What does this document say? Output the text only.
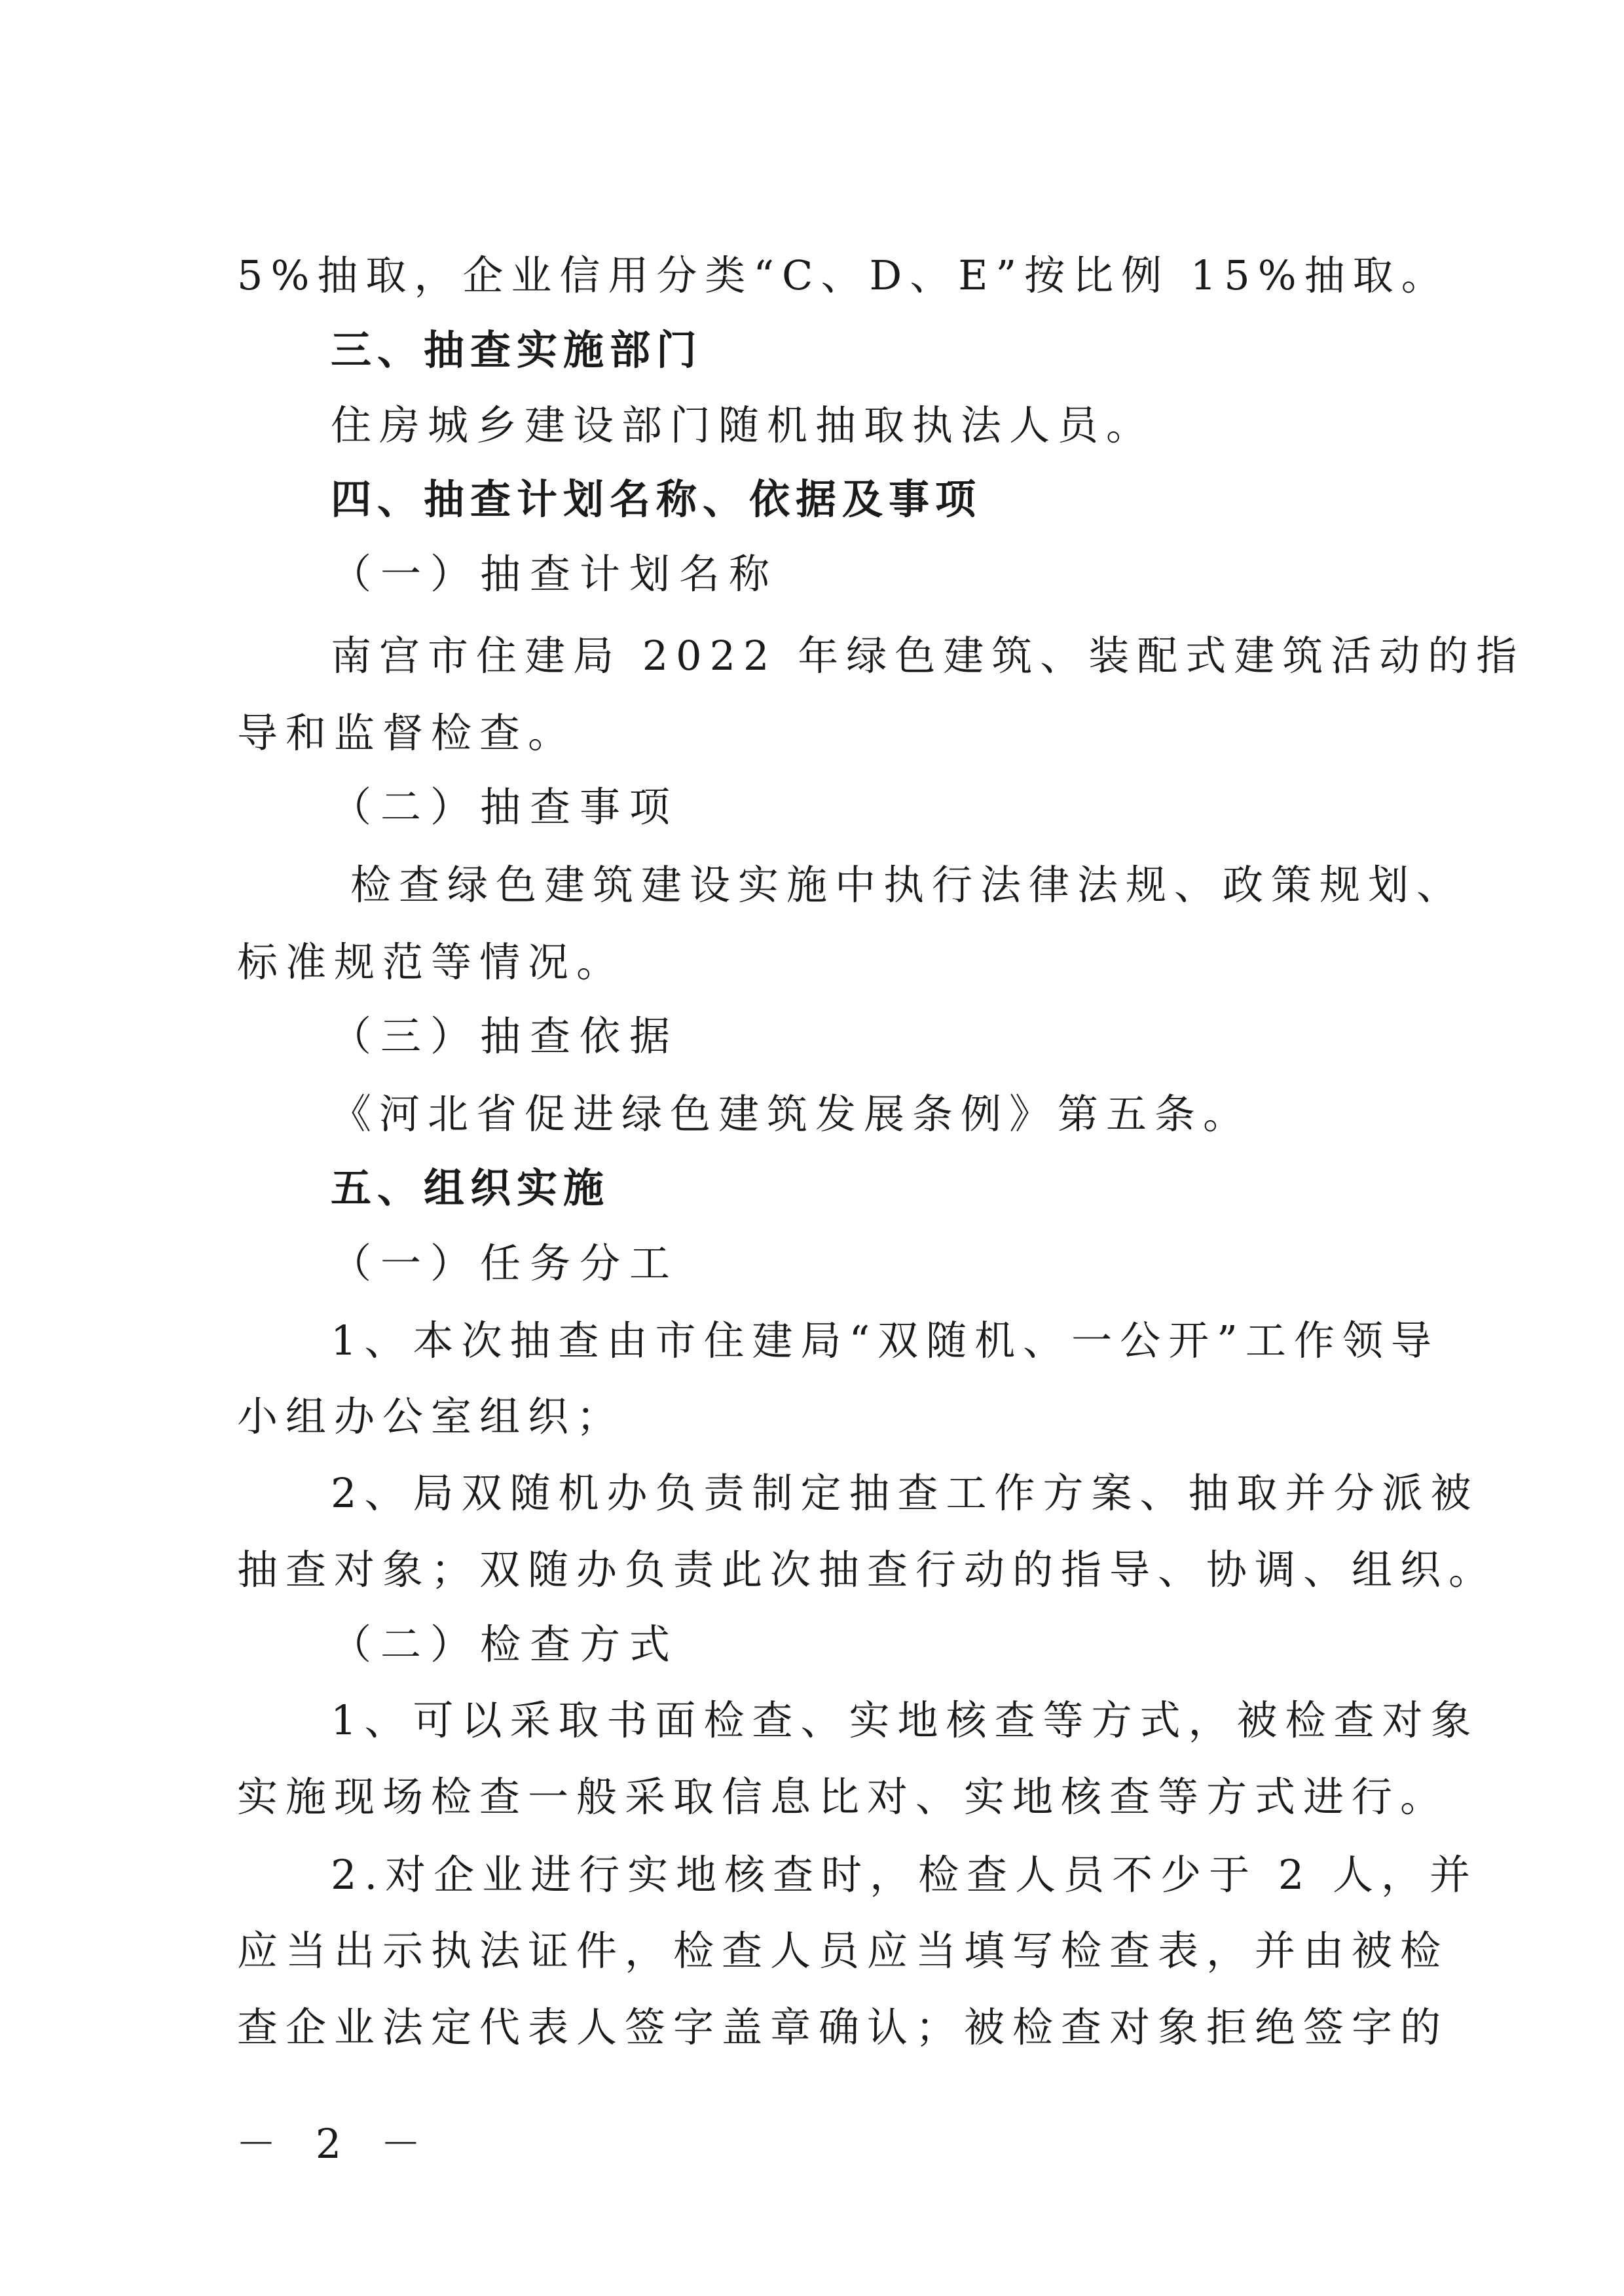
5%抽取，企业信用分类“C、D、E”按比例 15%抽取。

三、抽查实施部门

住房城乡建设部门随机抽取执法人员。

四、抽查计划名称、依据及事项

（一）抽查计划名称

南宫市住建局 2022 年绿色建筑、装配式建筑活动的指

导和监督检查。

（二）抽查事项

检查绿色建筑建设实施中执行法律法规、政策规划、

标准规范等情况。

（三）抽查依据

《河北省促进绿色建筑发展条例》第五条。

五、组织实施

（一）任务分工

1、本次抽查由市住建局“双随机、一公开”工作领导

小组办公室组织；

2、局双随机办负责制定抽查工作方案、抽取并分派被

抽查对象；双随办负责此次抽查行动的指导、协调、组织。

（二）检查方式

1、可以采取书面检查、实地核查等方式，被检查对象

实施现场检查一般采取信息比对、实地核查等方式进行。

2.对企业进行实地核查时，检查人员不少于 2 人，并

应当出示执法证件，检查人员应当填写检查表，并由被检

查企业法定代表人签字盖章确认；被检查对象拒绝签字的

－ 2 －
